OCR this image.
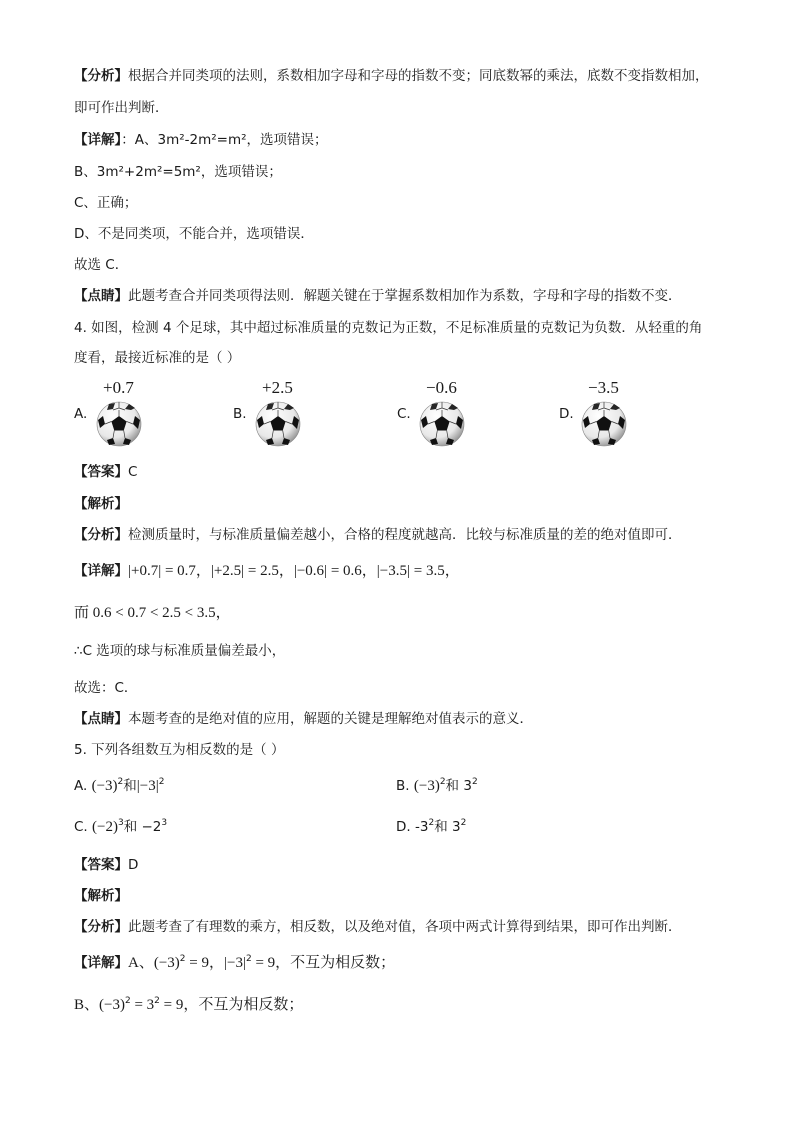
【分析】根据合并同类项的法则，系数相加字母和字母的指数不变；同底数幂的乘法，底数不变指数相加，
即可作出判断．
【详解】：A、3m²-2m²=m²，选项错误；
B、3m²+2m²=5m²，选项错误；
C、正确；
D、不是同类项，不能合并，选项错误．
故选 C．
【点睛】此题考查合并同类项得法则．解题关键在于掌握系数相加作为系数，字母和字母的指数不变．
4. 如图，检测 4 个足球，其中超过标准质量的克数记为正数，不足标准质量的克数记为负数．从轻重的角
度看，最接近标准的是（ ）
A.
+0.7
B.
+2.5
C.
−0.6
D.
−3.5
【答案】C
【解析】
【分析】检测质量时，与标准质量偏差越小，合格的程度就越高．比较与标准质量的差的绝对值即可．
【详解】|+0.7| = 0.7，|+2.5| = 2.5，|−0.6| = 0.6，|−3.5| = 3.5，
而 0.6 < 0.7 < 2.5 < 3.5，
∴C 选项的球与标准质量偏差最小，
故选：C．
【点睛】本题考查的是绝对值的应用，解题的关键是理解绝对值表示的意义．
5. 下列各组数互为相反数的是（ ）
A. $(-3)^2$和$|-3|^2$	B. $(-3)^2$和 $3^2$
C. $(-2)^3$和 $-2^3$	D. $-3^2$和 $3^2$
【答案】D
【解析】
【分析】此题考查了有理数的乘方，相反数，以及绝对值，各项中两式计算得到结果，即可作出判断．
【详解】A、$(-3)^2 = 9$，$|-3|^2 = 9$，不互为相反数；
B、$(-3)^2 = 3^2 = 9$，不互为相反数；
